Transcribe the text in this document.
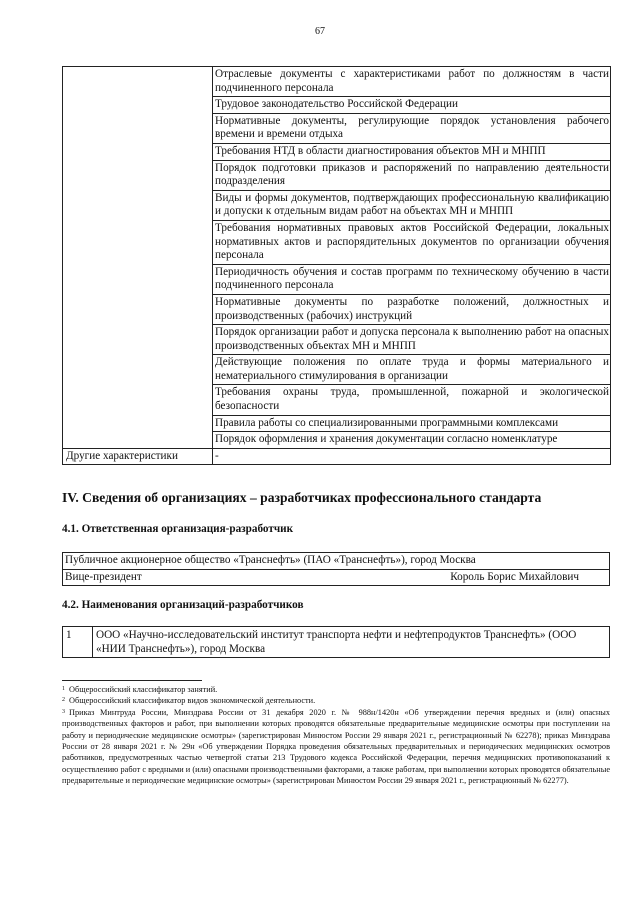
67
	Отраслевые документы с характеристиками работ по должностям в части подчиненного персонала
	Трудовое законодательство Российской Федерации
	Нормативные документы, регулирующие порядок установления рабочего времени и времени отдыха
	Требования НТД в области диагностирования объектов МН и МНПП
	Порядок подготовки приказов и распоряжений по направлению деятельности подразделения
	Виды и формы документов, подтверждающих профессиональную квалификацию и допуски к отдельным видам работ на объектах МН и МНПП
	Требования нормативных правовых актов Российской Федерации, локальных нормативных актов и распорядительных документов по организации обучения персонала
	Периодичность обучения и состав программ по техническому обучению в части подчиненного персонала
	Нормативные документы по разработке положений, должностных и производственных (рабочих) инструкций
	Порядок организации работ и допуска персонала к выполнению работ на опасных производственных объектах МН и МНПП
	Действующие положения по оплате труда и формы материального и нематериального стимулирования в организации
	Требования охраны труда, промышленной, пожарной и экологической безопасности
	Правила работы со специализированными программными комплексами
	Порядок оформления и хранения документации согласно номенклатуре
Другие характеристики	-
IV. Сведения об организациях – разработчиках профессионального стандарта
4.1. Ответственная организация-разработчик
Публичное акционерное общество «Транснефть» (ПАО «Транснефть»), город Москва
Вице-президент	Король Борис Михайлович
4.2. Наименования организаций-разработчиков
1	ООО «Научно-исследовательский институт транспорта нефти и нефтепродуктов Транснефть» (ООО «НИИ Транснефть»), город Москва

$^1$ Общероссийский классификатор занятий.

$^2$ Общероссийский классификатор видов экономической деятельности.

$^3$ Приказ Минтруда России, Минздрава России от 31 декабря 2020 г. № 988н/1420н «Об утверждении перечня вредных и (или) опасных производственных факторов и работ, при выполнении которых проводятся обязательные предварительные медицинские осмотры при поступлении на работу и периодические медицинские осмотры» (зарегистрирован Минюстом России 29 января 2021 г., регистрационный № 62278); приказ Минздрава России от 28 января 2021 г. № 29н «Об утверждении Порядка проведения обязательных предварительных и периодических медицинских осмотров работников, предусмотренных частью четвертой статьи 213 Трудового кодекса Российской Федерации, перечня медицинских противопоказаний к осуществлению работ с вредными и (или) опасными производственными факторами, а также работам, при выполнении которых проводятся обязательные предварительные и периодические медицинские осмотры» (зарегистрирован Минюстом России 29 января 2021 г., регистрационный № 62277).
